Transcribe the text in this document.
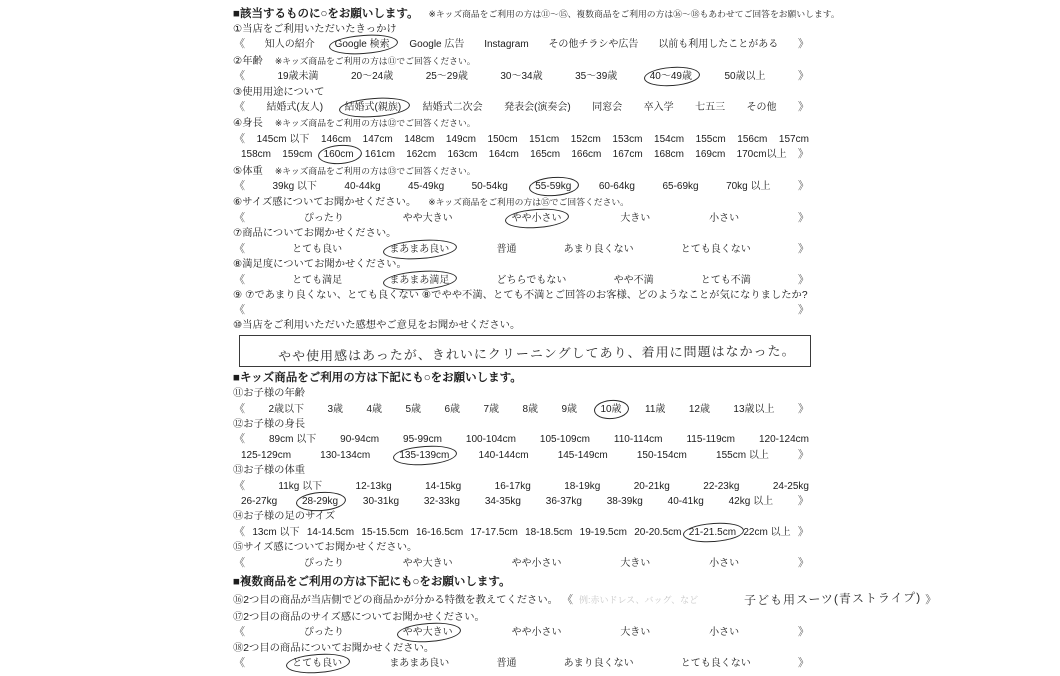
■該当するものに○をお願いします。 ※キッズ商品をご利用の方は⑪〜⑮、複数商品をご利用の方は⑯〜⑱もあわせてご回答をお願いします。
①当店をご利用いただいたきっかけ
《 知人の紹介 Google 検索 Google 広告 Instagram その他チラシや広告 以前も利用したことがある 》
②年齢 ※キッズ商品をご利用の方は⑪でご回答ください。
《	19歳未満	20〜24歳	25〜29歳	30〜34歳	35〜39歳	40〜49歳	50歳以上	》
③使用用途について
《 結婚式(友人) 結婚式(親族) 結婚式二次会 発表会(演奏会) 同窓会 卒入学 七五三 その他 》
④身長 ※キッズ商品をご利用の方は⑫でご回答ください。
《 145cm 以下 146cm 147cm 148cm 149cm 150cm 151cm 152cm 153cm 154cm 155cm 156cm 157cm
158cm 159cm 160cm 161cm 162cm 163cm 164cm 165cm 166cm 167cm 168cm 169cm 170cm以上 》
⑤体重 ※キッズ商品をご利用の方は⑬でご回答ください。
《	39kg 以下	40-44kg	45-49kg	50-54kg	55-59kg	60-64kg	65-69kg	70kg 以上 》
⑥サイズ感についてお聞かせください。 ※キッズ商品をご利用の方は⑮でご回答ください。
《	ぴったり	やや大きい	やや小さい	大きい	小さい	》
⑦商品についてお聞かせください。
《	とても良い	まあまあ良い	普通	あまり良くない	とても良くない	》
⑧満足度についてお聞かせください。
《	とても満足	まあまあ満足	どちらでもない	やや不満	とても不満	》
⑨ ⑦であまり良くない、とても良くない ⑧でやや不満、とても不満とご回答のお客様、どのようなことが気になりましたか?
《	》
⑩当店をご利用いただいた感想やご意見をお聞かせください。
やや使用感はあったが、きれいにクリーニングしてあり、着用に問題はなかった。
■キッズ商品をご利用の方は下記にも○をお願いします。
⑪お子様の年齢
《 2歳以下 3歳 4歳 5歳 6歳 7歳 8歳 9歳 10歳 11歳 12歳 13歳以上 》
⑫お子様の身長
《 89cm 以下 90-94cm 95-99cm 100-104cm 105-109cm 110-114cm 115-119cm 120-124cm
125-129cm	130-134cm	135-139cm	140-144cm	145-149cm	150-154cm	155cm 以上	》
⑬お子様の体重
《	11kg 以下	12-13kg	14-15kg	16-17kg	18-19kg	20-21kg	22-23kg	24-25kg
26-27kg 28-29kg 30-31kg 32-33kg 34-35kg 36-37kg 38-39kg 40-41kg 42kg 以上 》
⑭お子様の足のサイズ
《 13cm 以下 14-14.5cm 15-15.5cm 16-16.5cm 17-17.5cm 18-18.5cm 19-19.5cm 20-20.5cm 21-21.5cm 22cm 以上 》
⑮サイズ感についてお聞かせください。
《	ぴったり	やや大きい	やや小さい	大きい	小さい	》
■複数商品をご利用の方は下記にも○をお願いします。
⑯2つ目の商品が当店側でどの商品かが分かる特徴を教えてください。 《 例:赤いドレス、バッグ、など	子ども用スーツ(青ストライプ) 》
⑰2つ目の商品のサイズ感についてお聞かせください。
《	ぴったり	やや大きい	やや小さい	大きい	小さい	》
⑱2つ目の商品についてお聞かせください。
《	とても良い	まあまあ良い	普通	あまり良くない	とても良くない	》
